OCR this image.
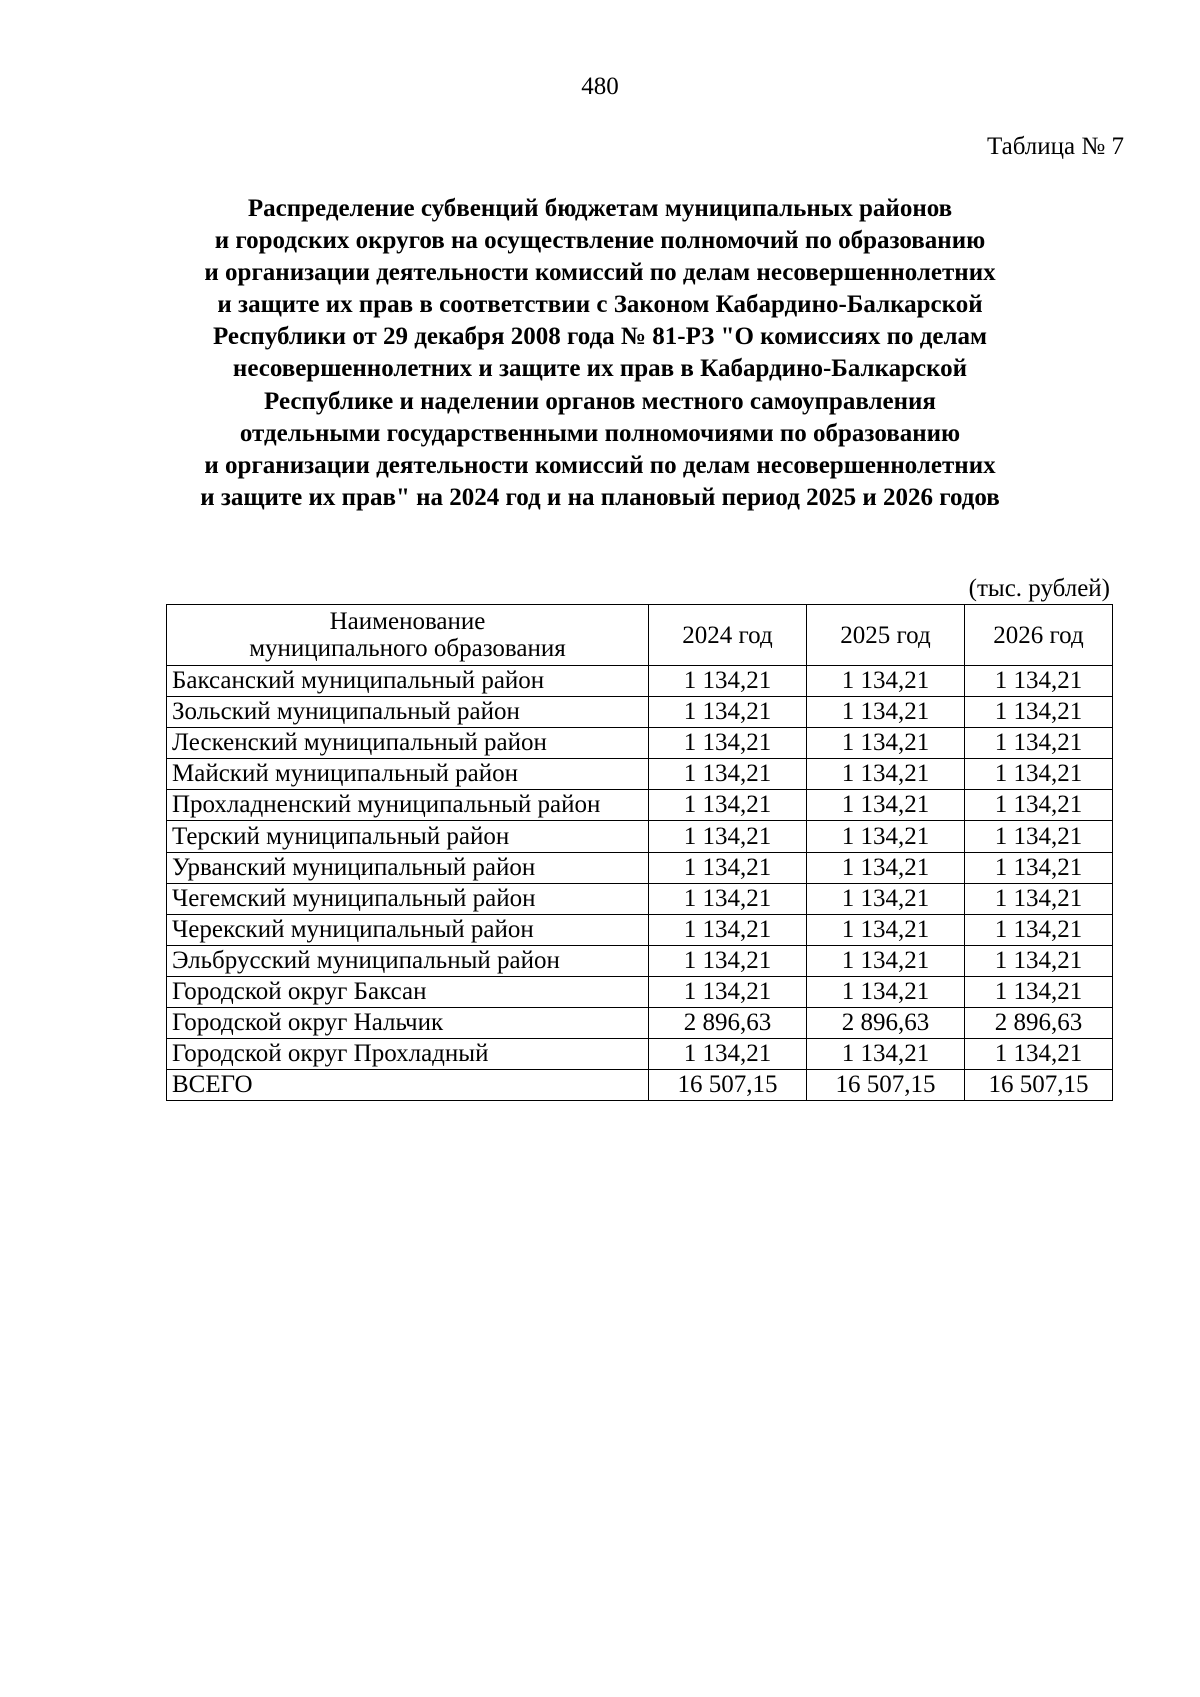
480
Таблица № 7
Распределение субвенций бюджетам муниципальных районов
и городских округов на осуществление полномочий по образованию
и организации деятельности комиссий по делам несовершеннолетних
и защите их прав в соответствии с Законом Кабардино-Балкарской
Республики от 29 декабря 2008 года № 81-РЗ "О комиссиях по делам
несовершеннолетних и защите их прав в Кабардино-Балкарской
Республике и наделении органов местного самоуправления
отдельными государственными полномочиями по образованию
и организации деятельности комиссий по делам несовершеннолетних
и защите их прав" на 2024 год и на плановый период 2025 и 2026 годов
(тыс. рублей)
Наименование
муниципального образования	2024 год	2025 год	2026 год
Баксанский муниципальный район	1 134,21	1 134,21	1 134,21
Зольский муниципальный район	1 134,21	1 134,21	1 134,21
Лескенский муниципальный район	1 134,21	1 134,21	1 134,21
Майский муниципальный район	1 134,21	1 134,21	1 134,21
Прохладненский муниципальный район	1 134,21	1 134,21	1 134,21
Терский муниципальный район	1 134,21	1 134,21	1 134,21
Урванский муниципальный район	1 134,21	1 134,21	1 134,21
Чегемский муниципальный район	1 134,21	1 134,21	1 134,21
Черекский муниципальный район	1 134,21	1 134,21	1 134,21
Эльбрусский муниципальный район	1 134,21	1 134,21	1 134,21
Городской округ Баксан	1 134,21	1 134,21	1 134,21
Городской округ Нальчик	2 896,63	2 896,63	2 896,63
Городской округ Прохладный	1 134,21	1 134,21	1 134,21
ВСЕГО	16 507,15	16 507,15	16 507,15
